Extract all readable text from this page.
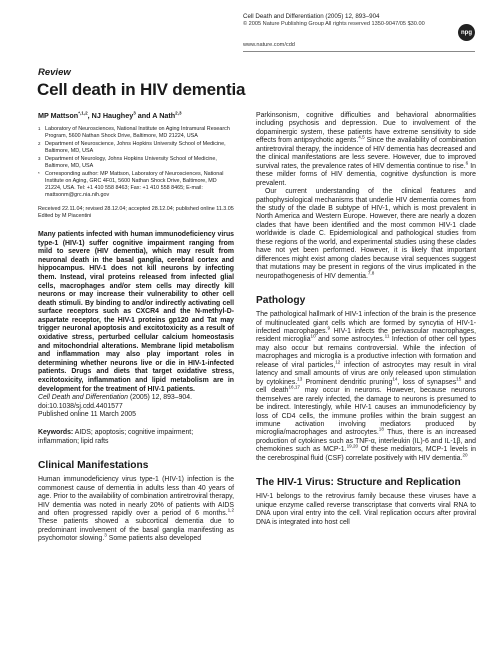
Cell Death and Differentiation (2005) 12, 893–904
© 2005 Nature Publishing Group All rights reserved 1350-9047/05 $30.00
www.nature.com/cdd
npg
Review
Cell death in HIV dementia
MP Mattson$^{*,1,2}$, NJ Haughey$^3$ and A Nath$^{2,3}$
1 Laboratory of Neurosciences, National Institute on Aging Intramural Research Program, 5600 Nathan Shock Drive, Baltimore, MD 21224, USA
2 Department of Neuroscience, Johns Hopkins University School of Medicine, Baltimore, MD, USA
3 Department of Neurology, Johns Hopkins University School of Medicine, Baltimore, MD, USA
* Corresponding author: MP Mattson, Laboratory of Neurosciences, National Institute on Aging, GRC 4F01, 5600 Nathan Shock Drive, Baltimore, MD 21224, USA. Tel: +1 410 558 8463; Fax: +1 410 558 8465; E-mail: mattsonm@grc.nia.nih.gov
Received 22.11.04; revised 28.12.04; accepted 28.12.04; published online 11.3.05
Edited by M Piacentini
Many patients infected with human immunodeficiency virus type-1 (HIV-1) suffer cognitive impairment ranging from mild to severe (HIV dementia), which may result from neuronal death in the basal ganglia, cerebral cortex and hippocampus. HIV-1 does not kill neurons by infecting them. Instead, viral proteins released from infected glial cells, macrophages and/or stem cells may directly kill neurons or may increase their vulnerability to other cell death stimuli. By binding to and/or indirectly activating cell surface receptors such as CXCR4 and the N-methyl-D-aspartate receptor, the HIV-1 proteins gp120 and Tat may trigger neuronal apoptosis and excitotoxicity as a result of oxidative stress, perturbed cellular calcium homeostasis and mitochondrial alterations. Membrane lipid metabolism and inflammation may also play important roles in determining whether neurons live or die in HIV-1-infected patients. Drugs and diets that target oxidative stress, excitotoxicity, inflammation and lipid metabolism are in development for the treatment of HIV-1 patients.
Cell Death and Differentiation (2005) 12, 893–904.
doi:10.1038/sj.cdd.4401577
Published online 11 March 2005
Keywords: AIDS; apoptosis; cognitive impairment; inflammation; lipid rafts
Clinical Manifestations

Human immunodeficiency virus type-1 (HIV-1) infection is the commonest cause of dementia in adults less than 40 years of age. Prior to the availability of combination antiretroviral therapy, HIV dementia was noted in nearly 20% of patients with AIDS and often progressed rapidly over a period of 6 months.$^{1,2}$ These patients showed a subcortical dementia due to predominant involvement of the basal ganglia manifesting as psychomotor slowing.$^3$ Some patients also developed

Parkinsonism, cognitive difficulties and behavioral abnormalities including psychosis and depression. Due to involvement of the dopaminergic system, these patients have extreme sensitivity to side effects from antipsychotic agents.$^{4,5}$ Since the availability of combination antiretroviral therapy, the incidence of HIV dementia has decreased and the clinical manifestations are less severe. However, due to improved survival rates, the prevalence rates of HIV dementia continue to rise.$^6$ In these milder forms of HIV dementia, cognitive dysfunction is more prevalent.

Our current understanding of the clinical features and pathophysiological mechanisms that underlie HIV dementia comes from the study of the clade B subtype of HIV-1, which is most prevalent in North America and Western Europe. However, there are nearly a dozen clades that have been identified and the most common HIV-1 clade worldwide is clade C. Epidemiological and pathological studies from these regions of the world, and experimental studies using these clades have not yet been performed. However, it is likely that important differences might exist among clades because viral sequences suggest that mutations may be present in regions of the virus implicated in the neuropathogenesis of HIV dementia.$^{7,8}$

Pathology

The pathological hallmark of HIV-1 infection of the brain is the presence of multinucleated giant cells which are formed by syncytia of HIV-1-infected macrophages.$^9$ HIV-1 infects the perivascular macrophages, resident microglia$^{10}$ and some astrocytes.$^{11}$ Infection of other cell types may also occur but remains controversial. While the infection of macrophages and microglia is a productive infection with formation and release of viral particles,$^{12}$ infection of astrocytes may result in viral latency and small amounts of virus are only released upon stimulation by cytokines.$^{13}$ Prominent dendritic pruning$^{14}$, loss of synapses$^{15}$ and cell death$^{16,17}$ may occur in neurons. However, because neurons themselves are rarely infected, the damage to neurons is presumed to be indirect. Interestingly, while HIV-1 causes an immunodeficiency by loss of CD4 cells, the immune profiles within the brain suggest an immune activation involving mediators produced by microglia/macrophages and astrocytes.$^{18}$ Thus, there is an increased production of cytokines such as TNF-α, interleukin (IL)-6 and IL-1β, and chemokines such as MCP-1.$^{19,20}$ Of these mediators, MCP-1 levels in the cerebrospinal fluid (CSF) correlate positively with HIV dementia.$^{20}$

The HIV-1 Virus: Structure and Replication
HIV-1 belongs to the retrovirus family because these viruses have a unique enzyme called reverse transcriptase that converts viral RNA to DNA upon viral entry into the cell. Viral replication occurs after proviral DNA is integrated into host cell
